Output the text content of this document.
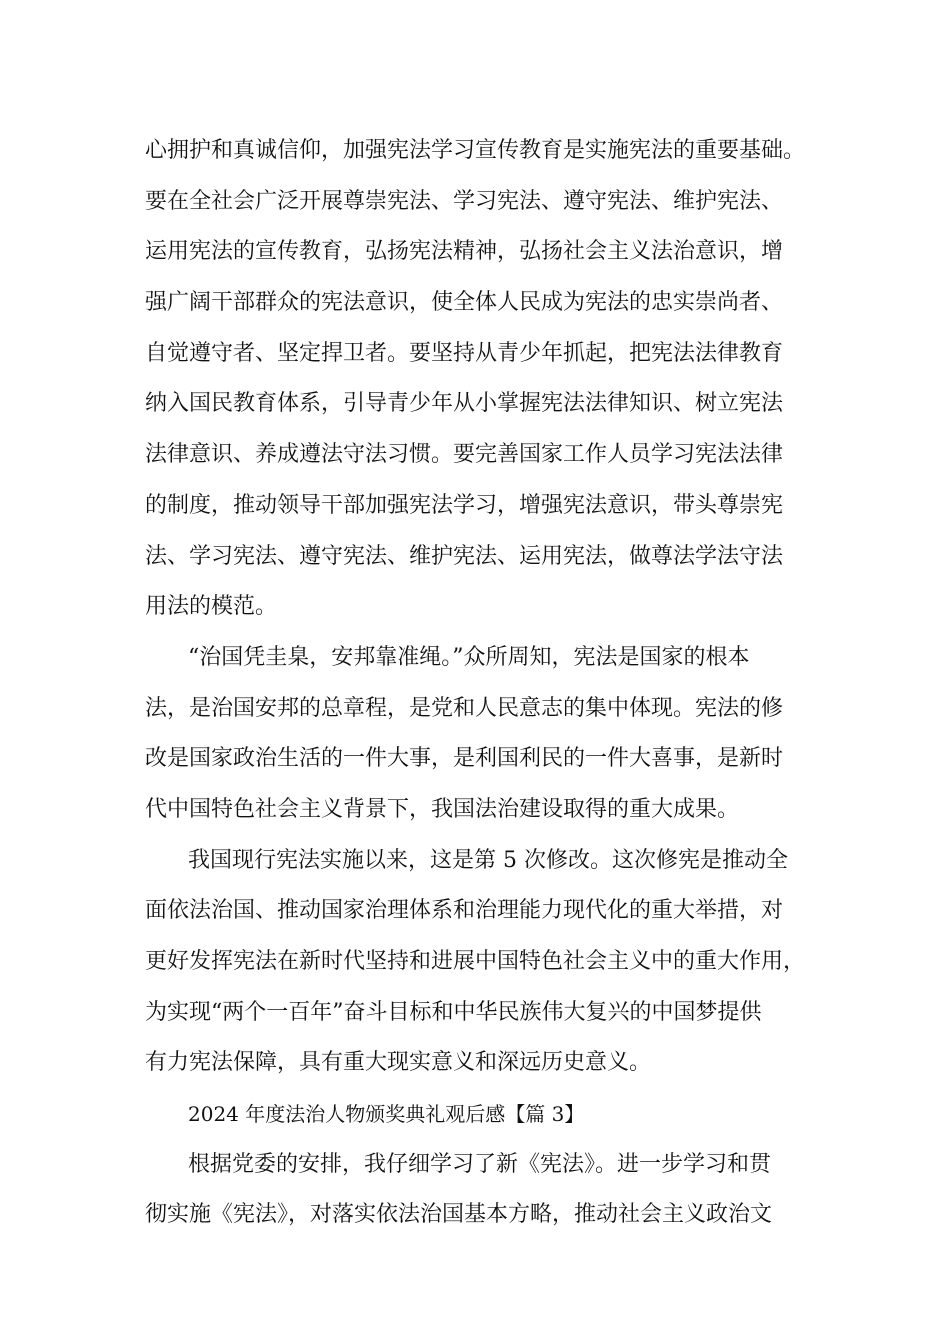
心拥护和真诚信仰，加强宪法学习宣传教育是实施宪法的重要基础。
要在全社会广泛开展尊崇宪法、学习宪法、遵守宪法、维护宪法、
运用宪法的宣传教育，弘扬宪法精神，弘扬社会主义法治意识，增
强广阔干部群众的宪法意识，使全体人民成为宪法的忠实崇尚者、
自觉遵守者、坚定捍卫者。要坚持从青少年抓起，把宪法法律教育
纳入国民教育体系，引导青少年从小掌握宪法法律知识、树立宪法
法律意识、养成遵法守法习惯。要完善国家工作人员学习宪法法律
的制度，推动领导干部加强宪法学习，增强宪法意识，带头尊崇宪
法、学习宪法、遵守宪法、维护宪法、运用宪法，做尊法学法守法
用法的模范。
“治国凭圭臬，安邦靠准绳。”众所周知，宪法是国家的根本
法，是治国安邦的总章程，是党和人民意志的集中体现。宪法的修
改是国家政治生活的一件大事，是利国利民的一件大喜事，是新时
代中国特色社会主义背景下，我国法治建设取得的重大成果。
我国现行宪法实施以来，这是第 5 次修改。这次修宪是推动全
面依法治国、推动国家治理体系和治理能力现代化的重大举措，对
更好发挥宪法在新时代坚持和进展中国特色社会主义中的重大作用，
为实现“两个一百年”奋斗目标和中华民族伟大复兴的中国梦提供
有力宪法保障，具有重大现实意义和深远历史意义。
2024 年度法治人物颁奖典礼观后感【篇 3】
根据党委的安排，我仔细学习了新《宪法》。进一步学习和贯
彻实施《宪法》，对落实依法治国基本方略，推动社会主义政治文
